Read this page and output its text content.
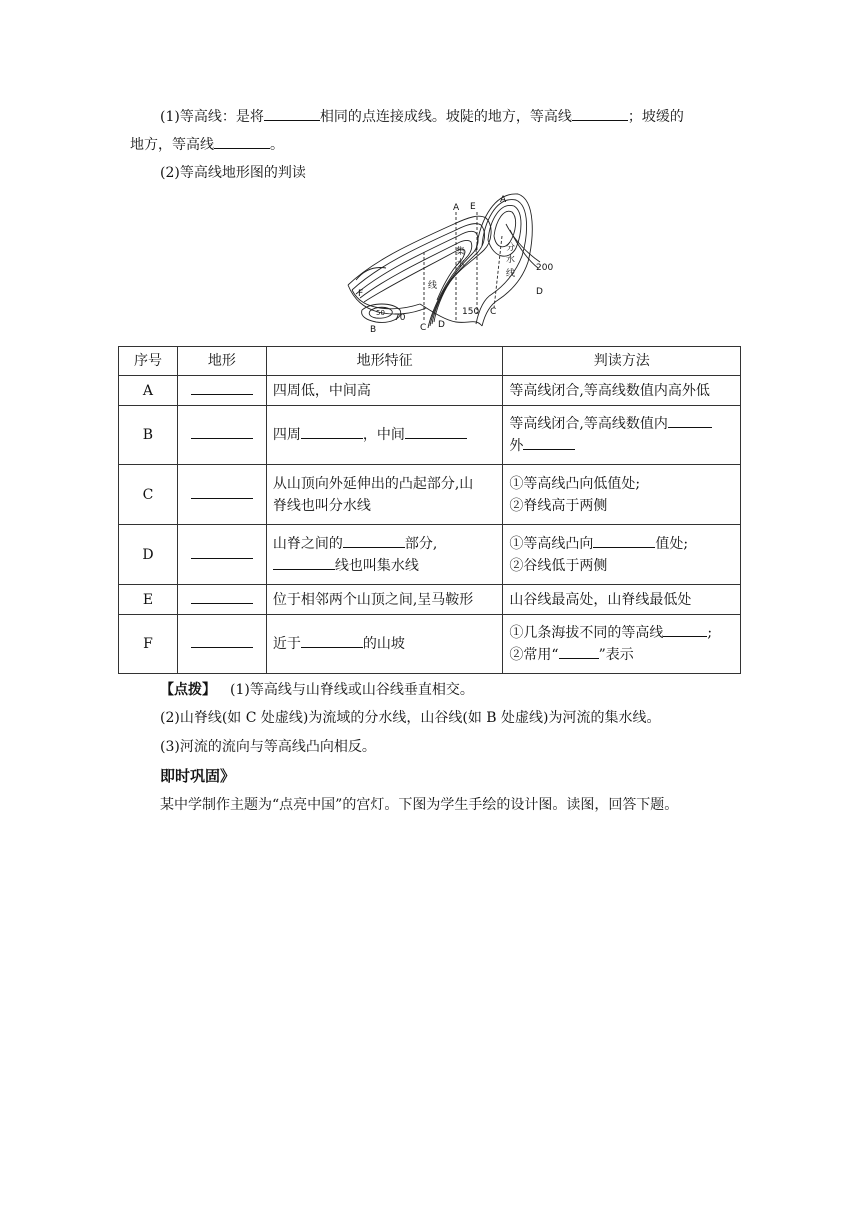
(1)等高线：是将	相同的点连接成线。坡陡的地方，等高线	；坡缓的
地方，等高线	。
(2)等高线地形图的判读
A
A E
集
水
线
分
水
线
200
D
F
50
B
70
C D
150 C
序号	地形	地形特征	判读方法
A		四周低，中间高	等高线闭合,等高线数值内高外低
B		四周 ，中间	等高线闭合,等高线数值内
外
C		从山顶向外延伸出的凸起部分,山
脊线也叫分水线	①等高线凸向低值处;
②脊线高于两侧
D		山脊之间的 部分,
线也叫集水线	①等高线凸向 值处;
②谷线低于两侧
E		位于相邻两个山顶之间,呈马鞍形	山谷线最高处，山脊线最低处
F		近于 的山坡	①几条海拔不同的等高线 ;
②常用“ ”表示
【点拨】 (1)等高线与山脊线或山谷线垂直相交。
(2)山脊线(如 C 处虚线)为流域的分水线，山谷线(如 B 处虚线)为河流的集水线。
(3)河流的流向与等高线凸向相反。
即时巩固》
某中学制作主题为“点亮中国”的宫灯。下图为学生手绘的设计图。读图，回答下题。
